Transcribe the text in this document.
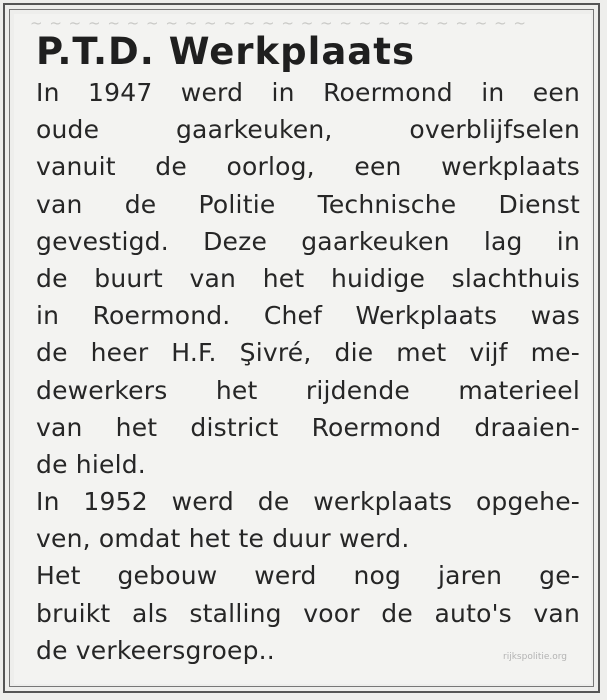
~ ~ ~ ~ ~ ~ ~ ~ ~ ~ ~ ~ ~ ~ ~ ~ ~ ~ ~ ~ ~ ~ ~ ~ ~ ~
P.T.D. Werkplaats
In 1947 werd in Roermond in een
oude gaarkeuken, overblijfselen
vanuit de oorlog, een werkplaats
van de Politie Technische Dienst
gevestigd. Deze gaarkeuken lag in
de buurt van het huidige slachthuis
in Roermond. Chef Werkplaats was
de heer H.F. Şivré, die met vijf me-
dewerkers het rijdende materieel
van het district Roermond draaien-
de hield.
In 1952 werd de werkplaats opgehe-
ven, omdat het te duur werd.
Het gebouw werd nog jaren ge-
bruikt als stalling voor de auto's van
de verkeersgroep..	rijkspolitie.org
